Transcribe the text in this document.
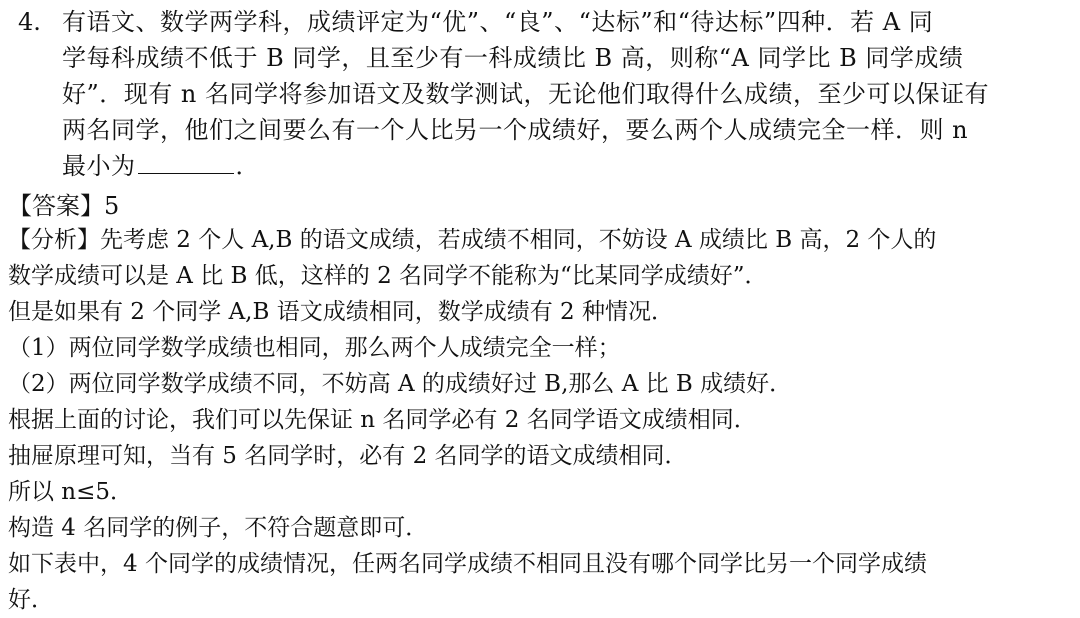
4. 有语文、数学两学科，成绩评定为“优”、“良”、“达标”和“待达标”四种．若 A 同
学每科成绩不低于 B 同学，且至少有一科成绩比 B 高，则称“A 同学比 B 同学成绩
好”．现有 n 名同学将参加语文及数学测试，无论他们取得什么成绩，至少可以保证有
两名同学，他们之间要么有一个人比另一个成绩好，要么两个人成绩完全一样．则 n
最小为	．
【答案】5
【分析】先考虑 2 个人 A,B 的语文成绩，若成绩不相同，不妨设 A 成绩比 B 高，2 个人的
数学成绩可以是 A 比 B 低，这样的 2 名同学不能称为“比某同学成绩好”．
但是如果有 2 个同学 A,B 语文成绩相同，数学成绩有 2 种情况．
（1）两位同学数学成绩也相同，那么两个人成绩完全一样；
（2）两位同学数学成绩不同，不妨高 A 的成绩好过 B,那么 A 比 B 成绩好．
根据上面的讨论，我们可以先保证 n 名同学必有 2 名同学语文成绩相同．
抽屉原理可知，当有 5 名同学时，必有 2 名同学的语文成绩相同．
所以 n≤5．
构造 4 名同学的例子，不符合题意即可．
如下表中，4 个同学的成绩情况，任两名同学成绩不相同且没有哪个同学比另一个同学成绩
好．
